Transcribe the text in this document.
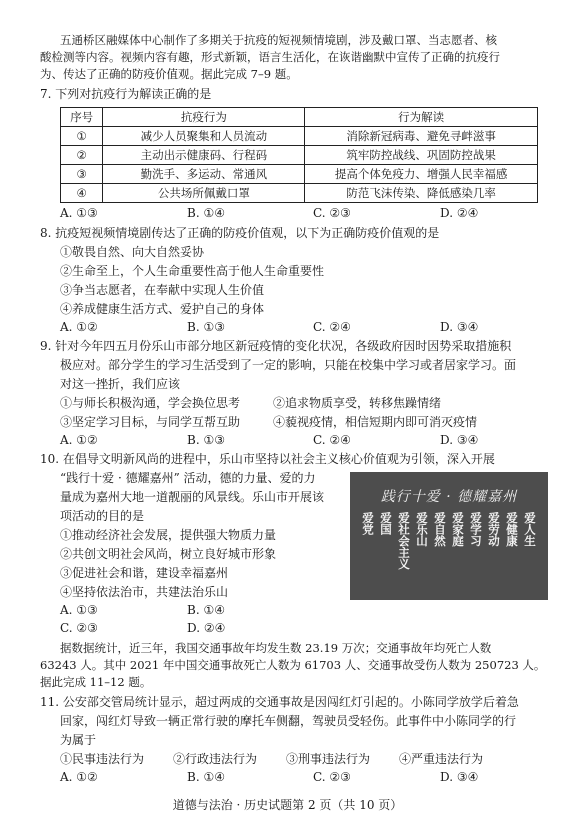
五通桥区融媒体中心制作了多期关于抗疫的短视频情境剧，涉及戴口罩、当志愿者、核
酸检测等内容。视频内容有趣，形式新颖，语言生活化，在诙谐幽默中宣传了正确的抗疫行
为、传达了正确的防疫价值观。据此完成 7–9 题。
7. 下列对抗疫行为解读正确的是
序号	抗疫行为	行为解读
①	减少人员聚集和人员流动	消除新冠病毒、避免寻衅滋事
②	主动出示健康码、行程码	筑牢防控战线、巩固防控战果
③	勤洗手、多运动、常通风	提高个体免疫力、增强人民幸福感
④	公共场所佩戴口罩	防范飞沫传染、降低感染几率
A. ①③	B. ①④	C. ②③	D. ②④
8. 抗疫短视频情境剧传达了正确的防疫价值观，以下为正确防疫价值观的是
①敬畏自然、向大自然妥协
②生命至上，个人生命重要性高于他人生命重要性
③争当志愿者，在奉献中实现人生价值
④养成健康生活方式、爱护自己的身体
A. ①②	B. ①③	C. ②④	D. ③④
9. 针对今年四五月份乐山市部分地区新冠疫情的变化状况，各级政府因时因势采取措施积
极应对。部分学生的学习生活受到了一定的影响，只能在校集中学习或者居家学习。面
对这一挫折，我们应该
①与师长积极沟通，学会换位思考	②追求物质享受，转移焦躁情绪
③坚定学习目标，与同学互帮互助	④藐视疫情，相信短期内即可消灭疫情
A. ①②	B. ①③	C. ②④	D. ③④
10. 在倡导文明新风尚的进程中，乐山市坚持以社会主义核心价值观为引领，深入开展
“践行十爱 · 德耀嘉州” 活动，德的力量、爱的力
量成为嘉州大地一道靓丽的风景线。乐山市开展该
项活动的目的是
①推动经济社会发展，提供强大物质力量
②共创文明社会风尚，树立良好城市形象
③促进社会和谐，建设幸福嘉州
④坚持依法治市，共建法治乐山
A. ①③	B. ①④
C. ②③	D. ②④
践行十爱 · 德耀嘉州
爱党 爱国 爱社会主义 爱乐山 爱自然 爱家庭 爱学习 爱劳动 爱健康 爱人生
据数据统计，近三年，我国交通事故年均发生数 23.19 万次；交通事故年均死亡人数
63243 人。其中 2021 年中国交通事故死亡人数为 61703 人、交通事故受伤人数为 250723 人。
据此完成 11–12 题。
11. 公安部交管局统计显示，超过两成的交通事故是因闯红灯引起的。小陈同学放学后着急
回家，闯红灯导致一辆正常行驶的摩托车侧翻，驾驶员受轻伤。此事件中小陈同学的行
为属于
①民事违法行为 ②行政违法行为 ③刑事违法行为 ④严重违法行为
A. ①②	B. ①④	C. ②③	D. ③④
道德与法治 · 历史试题第 2 页（共 10 页）
